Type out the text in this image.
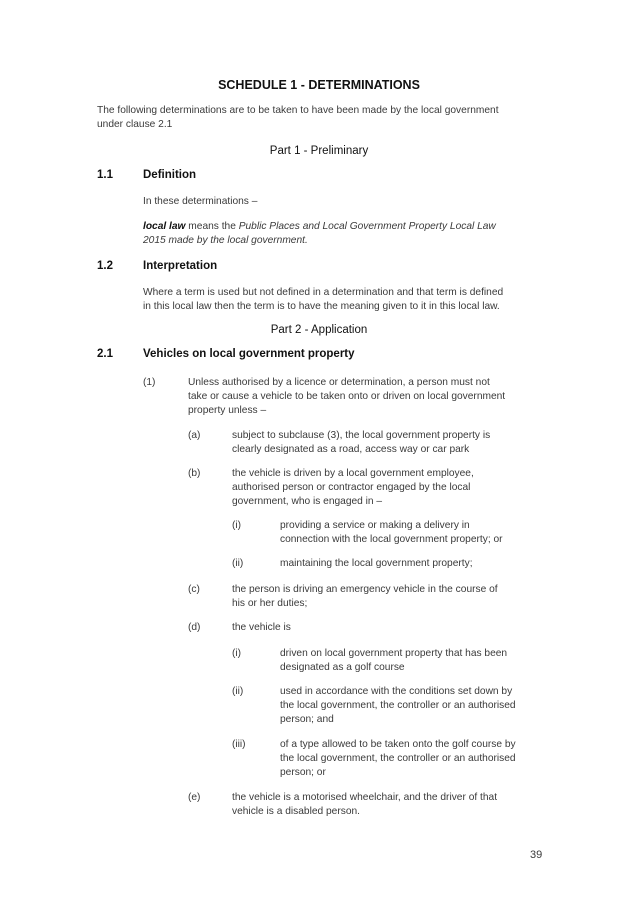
SCHEDULE 1 - DETERMINATIONS
The following determinations are to be taken to have been made by the local government
under clause 2.1
Part 1 - Preliminary
1.1	Definition
In these determinations –
local law means the Public Places and Local Government Property Local Law
2015 made by the local government.
1.2	Interpretation
Where a term is used but not defined in a determination and that term is defined
in this local law then the term is to have the meaning given to it in this local law.
Part 2 - Application
2.1	Vehicles on local government property
(1)	Unless authorised by a licence or determination, a person must not
take or cause a vehicle to be taken onto or driven on local government
property unless –
(a)	subject to subclause (3), the local government property is
clearly designated as a road, access way or car park
(b)	the vehicle is driven by a local government employee,
authorised person or contractor engaged by the local
government, who is engaged in –
(i)	providing a service or making a delivery in
connection with the local government property; or
(ii)	maintaining the local government property;
(c)	the person is driving an emergency vehicle in the course of
his or her duties;
(d)	the vehicle is
(i)	driven on local government property that has been
designated as a golf course
(ii)	used in accordance with the conditions set down by
the local government, the controller or an authorised
person; and
(iii)	of a type allowed to be taken onto the golf course by
the local government, the controller or an authorised
person; or
(e)	the vehicle is a motorised wheelchair, and the driver of that
vehicle is a disabled person.
39
